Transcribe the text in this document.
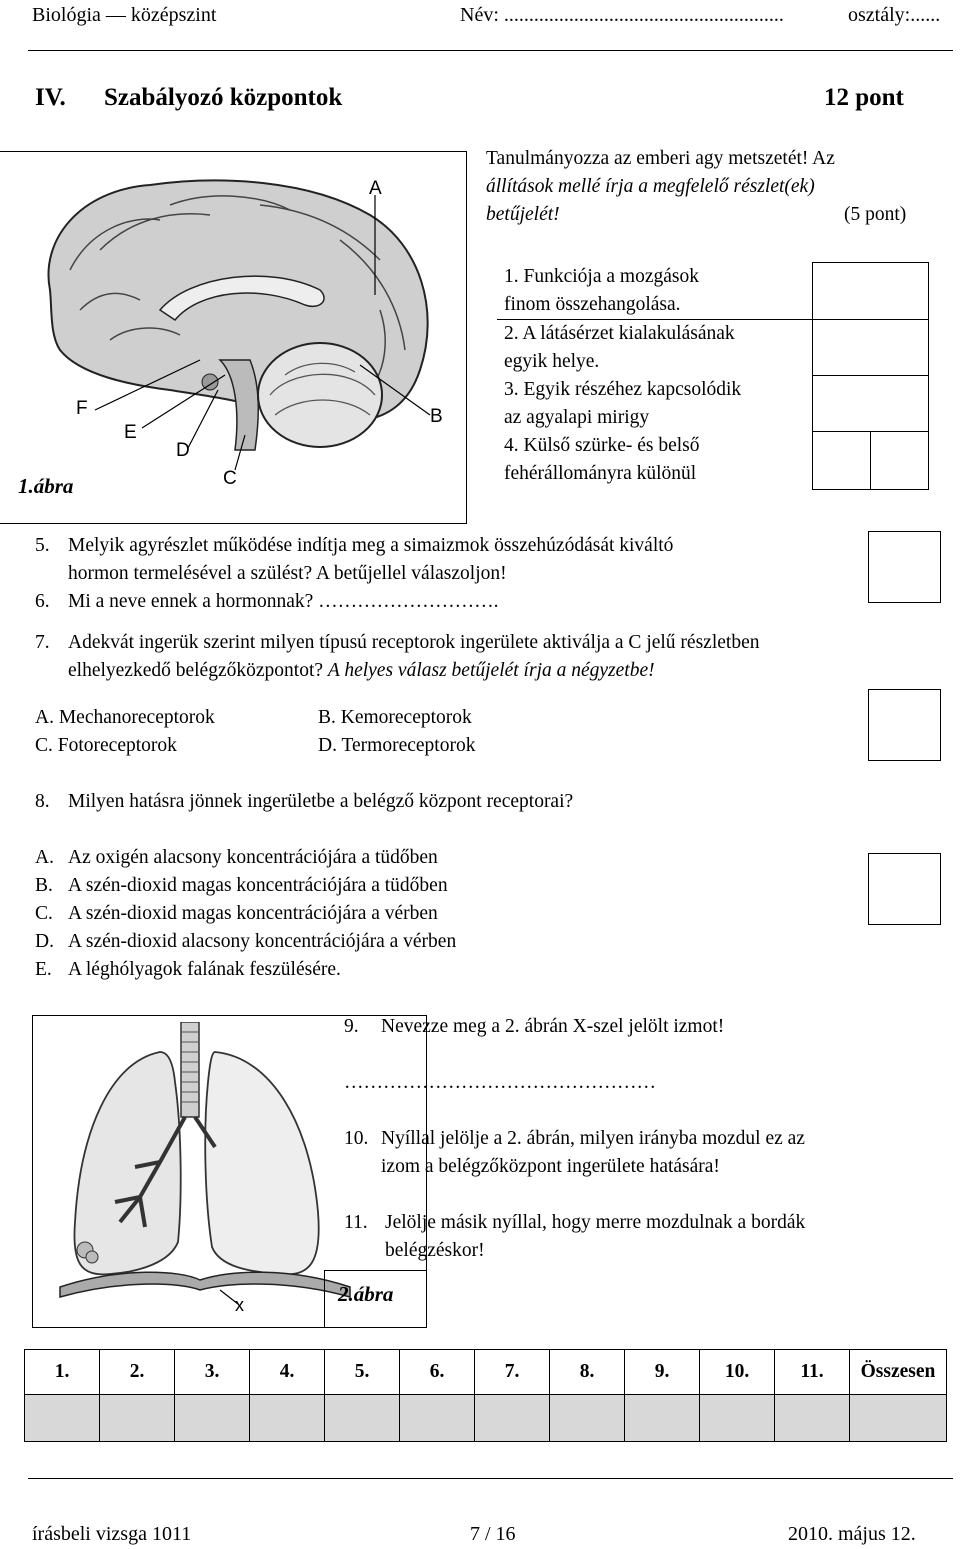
Biológia — középszint	Név: ........................................................	osztály:......
IV. Szabályozó központok	12 pont
A
B
C
D
E
F
1.ábra
Tanulmányozza az emberi agy metszetét! Az
állítások mellé írja a megfelelő részlet(ek)
betűjelét!	(5 pont)
1. Funkciója a mozgások
finom összehangolása.		

2. A látásérzet kialakulásának
egyik helye.		

3. Egyik részéhez kapcsolódik
az agyalapi mirigy		

4. Külső szürke- és belső
fehérállományra különül		

5. Melyik agyrészlet működése indítja meg a simaizmok összehúzódását kiváltó
hormon termelésével a szülést? A betűjellel válaszoljon!
6. Mi a neve ennek a hormonnak? ……………………….
7. Adekvát ingerük szerint milyen típusú receptorok ingerülete aktiválja a C jelű részletben
elhelyezkedő belégzőközpontot? A helyes válasz betűjelét írja a négyzetbe!
A. Mechanoreceptorok	B. Kemoreceptorok
C. Fotoreceptorok	D. Termoreceptorok
8. Milyen hatásra jönnek ingerületbe a belégző központ receptorai?
A. Az oxigén alacsony koncentrációjára a tüdőben
B. A szén-dioxid magas koncentrációjára a tüdőben
C. A szén-dioxid magas koncentrációjára a vérben
D. A szén-dioxid alacsony koncentrációjára a vérben
E. A léghólyagok falának feszülésére.
x	2.ábra
9. Nevezze meg a 2. ábrán X-szel jelölt izmot!
…………………………………………
10. Nyíllal jelölje a 2. ábrán, milyen irányba mozdul ez az
izom a belégzőközpont ingerülete hatására!
11. Jelölje másik nyíllal, hogy merre mozdulnak a bordák
belégzéskor!
1.	2.	3.	4.	5.	6.	7.	8.	9.	10.	11.	Összesen

írásbeli vizsga 1011	7 / 16	2010. május 12.
